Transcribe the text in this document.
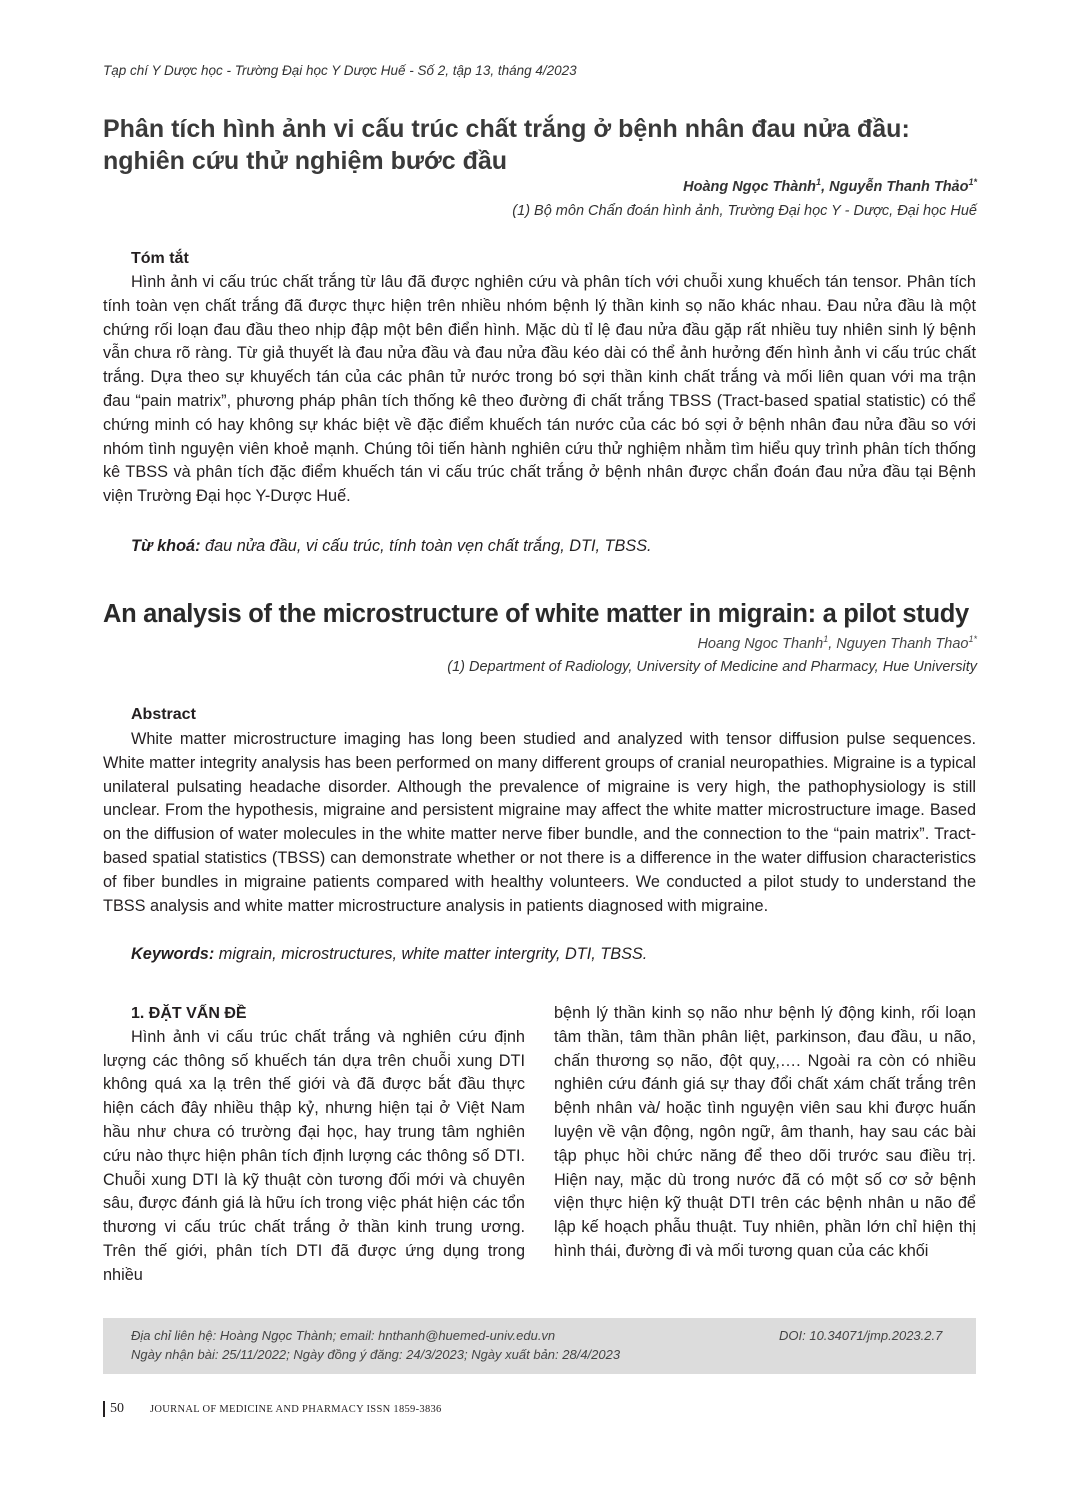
Tạp chí Y Dược học - Trường Đại học Y Dược Huế - Số 2, tập 13, tháng 4/2023
Phân tích hình ảnh vi cấu trúc chất trắng ở bệnh nhân đau nửa đầu:
nghiên cứu thử nghiệm bước đầu
Hoàng Ngọc Thành$^1$, Nguyễn Thanh Thảo$^{1*}$
(1) Bộ môn Chẩn đoán hình ảnh, Trường Đại học Y - Dược, Đại học Huế
Tóm tắt

Hình ảnh vi cấu trúc chất trắng từ lâu đã được nghiên cứu và phân tích với chuỗi xung khuếch tán tensor. Phân tích tính toàn vẹn chất trắng đã được thực hiện trên nhiều nhóm bệnh lý thần kinh sọ não khác nhau. Đau nửa đầu là một chứng rối loạn đau đầu theo nhịp đập một bên điển hình. Mặc dù tỉ lệ đau nửa đầu gặp rất nhiều tuy nhiên sinh lý bệnh vẫn chưa rõ ràng. Từ giả thuyết là đau nửa đầu và đau nửa đầu kéo dài có thể ảnh hưởng đến hình ảnh vi cấu trúc chất trắng. Dựa theo sự khuyếch tán của các phân tử nước trong bó sợi thần kinh chất trắng và mối liên quan với ma trận đau “pain matrix”, phương pháp phân tích thống kê theo đường đi chất trắng TBSS (Tract-based spatial statistic) có thể chứng minh có hay không sự khác biệt về đặc điểm khuếch tán nước của các bó sợi ở bệnh nhân đau nửa đầu so với nhóm tình nguyện viên khoẻ mạnh. Chúng tôi tiến hành nghiên cứu thử nghiệm nhằm tìm hiểu quy trình phân tích thống kê TBSS và phân tích đặc điểm khuếch tán vi cấu trúc chất trắng ở bệnh nhân được chẩn đoán đau nửa đầu tại Bệnh viện Trường Đại học Y-Dược Huế.

Từ khoá: đau nửa đầu, vi cấu trúc, tính toàn vẹn chất trắng, DTI, TBSS.
An analysis of the microstructure of white matter in migrain: a pilot study
Hoang Ngoc Thanh$^1$, Nguyen Thanh Thao$^{1*}$
(1) Department of Radiology, University of Medicine and Pharmacy, Hue University
Abstract

White matter microstructure imaging has long been studied and analyzed with tensor diffusion pulse sequences. White matter integrity analysis has been performed on many different groups of cranial neuropathies. Migraine is a typical unilateral pulsating headache disorder. Although the prevalence of migraine is very high, the pathophysiology is still unclear. From the hypothesis, migraine and persistent migraine may affect the white matter microstructure image. Based on the diffusion of water molecules in the white matter nerve fiber bundle, and the connection to the “pain matrix”. Tract-based spatial statistics (TBSS) can demonstrate whether or not there is a difference in the water diffusion characteristics of fiber bundles in migraine patients compared with healthy volunteers. We conducted a pilot study to understand the TBSS analysis and white matter microstructure analysis in patients diagnosed with migraine.

Keywords: migrain, microstructures, white matter intergrity, DTI, TBSS.

1. ĐẶT VẤN ĐỀ

Hình ảnh vi cấu trúc chất trắng và nghiên cứu định lượng các thông số khuếch tán dựa trên chuỗi xung DTI không quá xa lạ trên thế giới và đã được bắt đầu thực hiện cách đây nhiều thập kỷ, nhưng hiện tại ở Việt Nam hầu như chưa có trường đại học, hay trung tâm nghiên cứu nào thực hiện phân tích định lượng các thông số DTI. Chuỗi xung DTI là kỹ thuật còn tương đối mới và chuyên sâu, được đánh giá là hữu ích trong việc phát hiện các tổn thương vi cấu trúc chất trắng ở thần kinh trung ương. Trên thế giới, phân tích DTI đã được ứng dụng trong nhiều

bệnh lý thần kinh sọ não như bệnh lý động kinh, rối loạn tâm thần, tâm thần phân liệt, parkinson, đau đầu, u não, chấn thương sọ não, đột quỵ,…. Ngoài ra còn có nhiều nghiên cứu đánh giá sự thay đổi chất xám chất trắng trên bệnh nhân và/ hoặc tình nguyện viên sau khi được huấn luyện về vận động, ngôn ngữ, âm thanh, hay sau các bài tập phục hồi chức năng để theo dõi trước sau điều trị. Hiện nay, mặc dù trong nước đã có một số cơ sở bệnh viện thực hiện kỹ thuật DTI trên các bệnh nhân u não để lập kế hoạch phẫu thuật. Tuy nhiên, phần lớn chỉ hiện thị hình thái, đường đi và mối tương quan của các khối

Địa chỉ liên hệ: Hoàng Ngọc Thành; email: hnthanh@huemed-univ.edu.vn
Ngày nhận bài: 25/11/2022; Ngày đồng ý đăng: 24/3/2023; Ngày xuất bản: 28/4/2023
DOI: 10.34071/jmp.2023.2.7
50 JOURNAL OF MEDICINE AND PHARMACY ISSN 1859-3836
